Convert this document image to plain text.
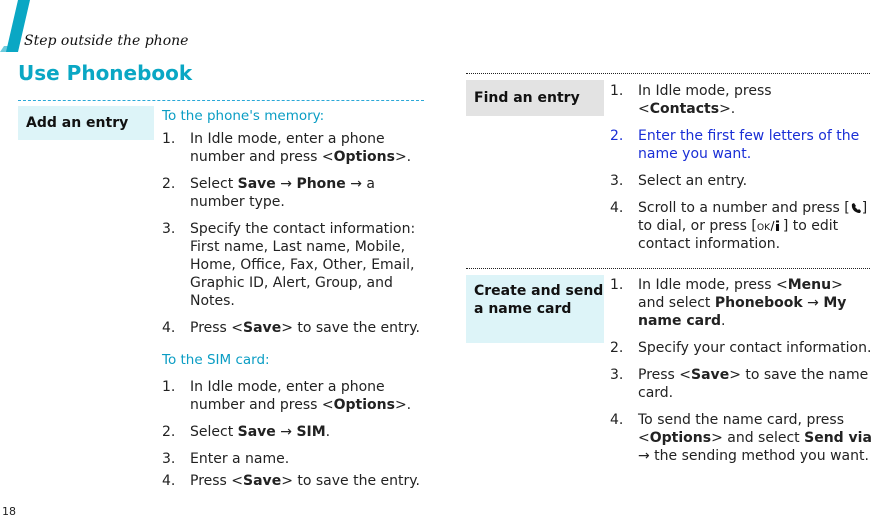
Step outside the phone
Use Phonebook
Add an entry	To the phone's memory:
1. In Idle mode, enter a phone number and press <Options>.
2. Select Save → Phone → a number type.
3. Specify the contact information: First name, Last name, Mobile, Home, Office, Fax, Other, Email, Graphic ID, Alert, Group, and Notes.
4. Press <Save> to save the entry.
To the SIM card:
1. In Idle mode, enter a phone number and press <Options>.
2. Select Save → SIM.
3. Enter a name.
4. Press <Save> to save the entry.
Find an entry	1. In Idle mode, press <Contacts>.
2. Enter the first few letters of the name you want.
3. Select an entry.
4. Scroll to a number and press [ ] to dial, or press [ OK ] to edit contact information.
Create and send a name card
1. In Idle mode, press <Menu> and select Phonebook → My name card.
2. Specify your contact information.
3. Press <Save> to save the name card.
4. To send the name card, press <Options> and select Send via → the sending method you want.
18
